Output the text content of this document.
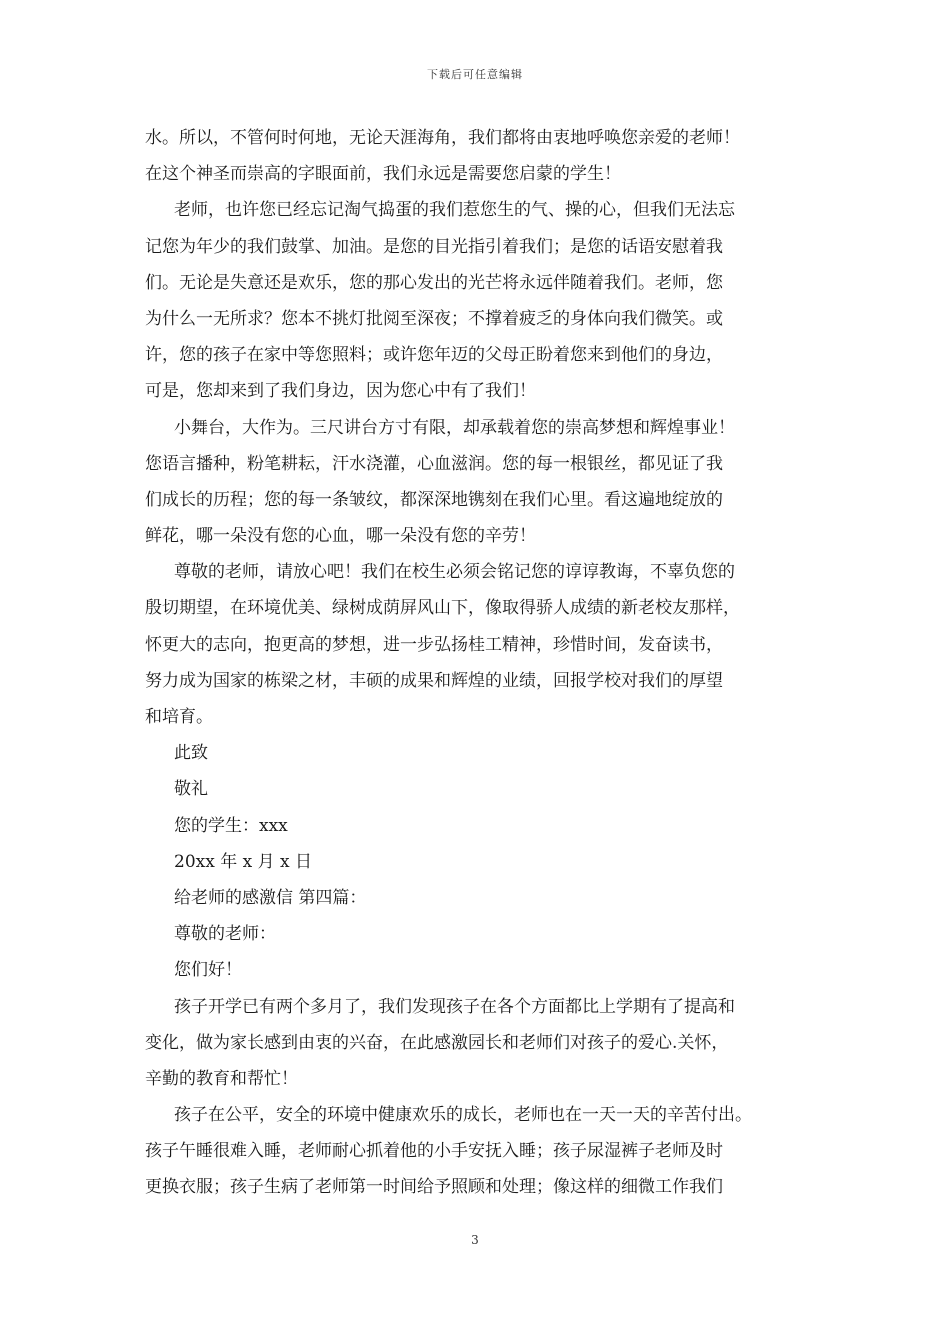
下载后可任意编辑
水。所以，不管何时何地，无论天涯海角，我们都将由衷地呼唤您亲爱的老师！
在这个神圣而崇高的字眼面前，我们永远是需要您启蒙的学生！
老师，也许您已经忘记淘气捣蛋的我们惹您生的气、操的心，但我们无法忘
记您为年少的我们鼓掌、加油。是您的目光指引着我们；是您的话语安慰着我
们。无论是失意还是欢乐，您的那心发出的光芒将永远伴随着我们。老师，您
为什么一无所求？您本不挑灯批阅至深夜；不撑着疲乏的身体向我们微笑。或
许，您的孩子在家中等您照料；或许您年迈的父母正盼着您来到他们的身边，
可是，您却来到了我们身边，因为您心中有了我们！
小舞台，大作为。三尺讲台方寸有限，却承载着您的崇高梦想和辉煌事业！
您语言播种，粉笔耕耘，汗水浇灌，心血滋润。您的每一根银丝，都见证了我
们成长的历程；您的每一条皱纹，都深深地镌刻在我们心里。看这遍地绽放的
鲜花，哪一朵没有您的心血，哪一朵没有您的辛劳！
尊敬的老师，请放心吧！我们在校生必须会铭记您的谆谆教诲，不辜负您的
殷切期望，在环境优美、绿树成荫屏风山下，像取得骄人成绩的新老校友那样，
怀更大的志向，抱更高的梦想，进一步弘扬桂工精神，珍惜时间，发奋读书，
努力成为国家的栋梁之材，丰硕的成果和辉煌的业绩，回报学校对我们的厚望
和培育。
此致
敬礼
您的学生：xxx
20xx 年 x 月 x 日
给老师的感激信 第四篇：
尊敬的老师：
您们好！
孩子开学已有两个多月了，我们发现孩子在各个方面都比上学期有了提高和
变化，做为家长感到由衷的兴奋，在此感激园长和老师们对孩子的爱心.关怀，
辛勤的教育和帮忙！
孩子在公平，安全的环境中健康欢乐的成长，老师也在一天一天的辛苦付出。
孩子午睡很难入睡，老师耐心抓着他的小手安抚入睡；孩子尿湿裤子老师及时
更换衣服；孩子生病了老师第一时间给予照顾和处理；像这样的细微工作我们
3
